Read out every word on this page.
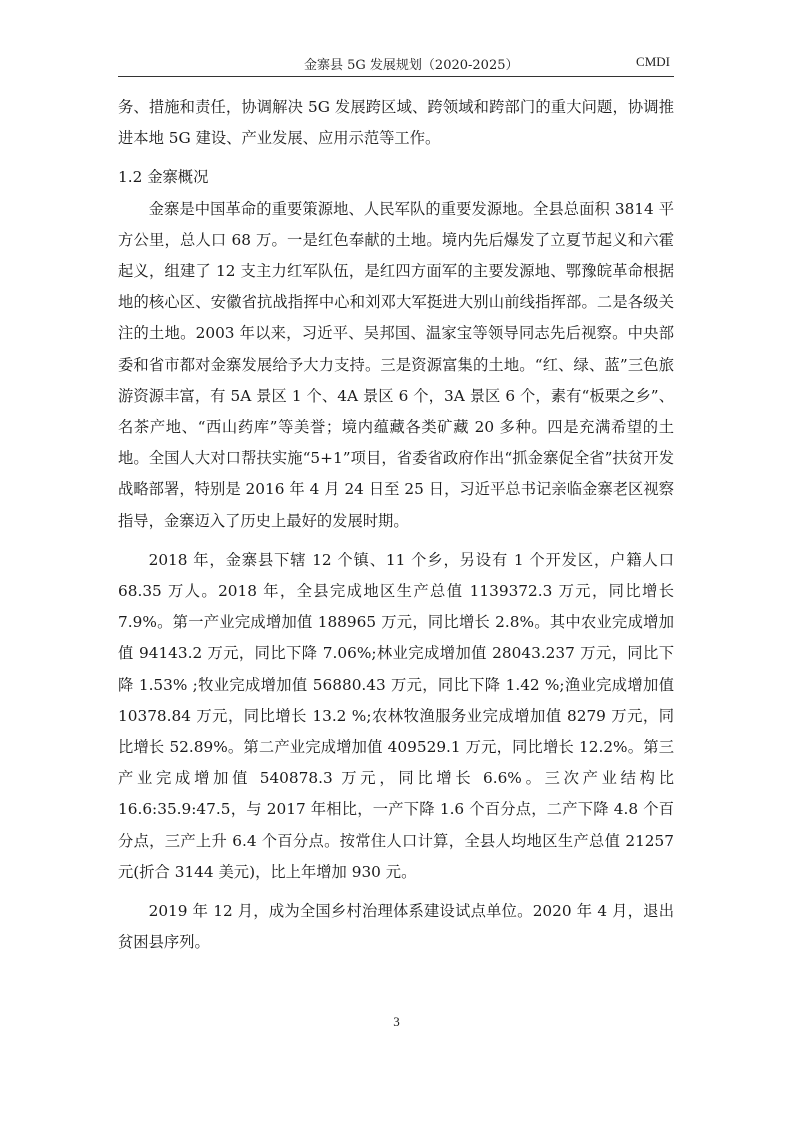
金寨县 5G 发展规划（2020-2025）	CMDI

务、措施和责任，协调解决 5G 发展跨区域、跨领域和跨部门的重大问题，协调推进本地 5G 建设、产业发展、应用示范等工作。

1.2 金寨概况

金寨是中国革命的重要策源地、人民军队的重要发源地。全县总面积 3814 平方公里，总人口 68 万。一是红色奉献的土地。境内先后爆发了立夏节起义和六霍起义，组建了 12 支主力红军队伍，是红四方面军的主要发源地、鄂豫皖革命根据地的核心区、安徽省抗战指挥中心和刘邓大军挺进大别山前线指挥部。二是各级关注的土地。2003 年以来，习近平、吴邦国、温家宝等领导同志先后视察。中央部委和省市都对金寨发展给予大力支持。三是资源富集的土地。“红、绿、蓝”三色旅游资源丰富，有 5A 景区 1 个、4A 景区 6 个，3A 景区 6 个，素有“板栗之乡”、名茶产地、“西山药库”等美誉；境内蕴藏各类矿藏 20 多种。四是充满希望的土地。全国人大对口帮扶实施“5+1”项目，省委省政府作出“抓金寨促全省”扶贫开发战略部署，特别是 2016 年 4 月 24 日至 25 日，习近平总书记亲临金寨老区视察指导，金寨迈入了历史上最好的发展时期。

2018 年，金寨县下辖 12 个镇、11 个乡，另设有 1 个开发区，户籍人口 68.35 万人。2018 年，全县完成地区生产总值 1139372.3 万元，同比增长 7.9%。第一产业完成增加值 188965 万元，同比增长 2.8%。其中农业完成增加值 94143.2 万元，同比下降 7.06%;林业完成增加值 28043.237 万元，同比下降 1.53% ;牧业完成增加值 56880.43 万元，同比下降 1.42 %;渔业完成增加值 10378.84 万元，同比增长 13.2 %;农林牧渔服务业完成增加值 8279 万元，同比增长 52.89%。第二产业完成增加值 409529.1 万元，同比增长 12.2%。第三产业完成增加值 540878.3 万元，同比增长 6.6%。三次产业结构比 16.6:35.9:47.5，与 2017 年相比，一产下降 1.6 个百分点，二产下降 4.8 个百分点，三产上升 6.4 个百分点。按常住人口计算，全县人均地区生产总值 21257 元(折合 3144 美元)，比上年增加 930 元。

2019 年 12 月，成为全国乡村治理体系建设试点单位。2020 年 4 月，退出贫困县序列。

3
